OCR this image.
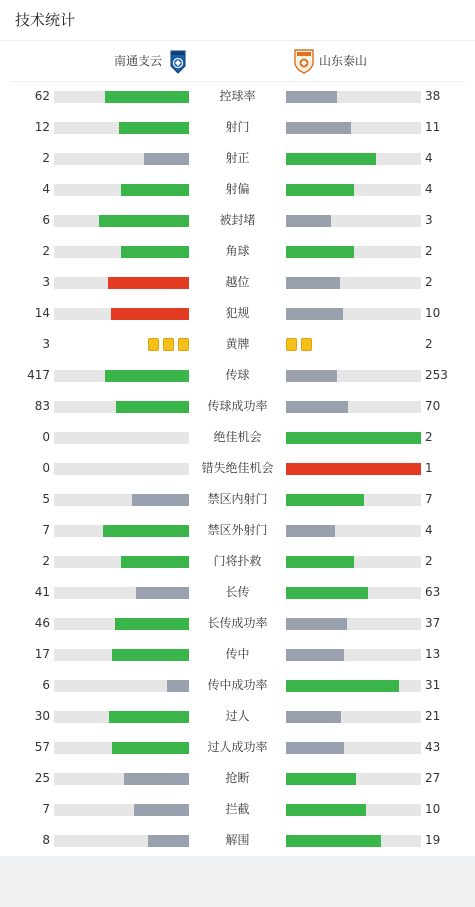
技术统计
南通支云	山东泰山
62	控球率	38
12	射门	11
2	射正	4
4	射偏	4
6	被封堵	3
2	角球	2
3	越位	2
14	犯规	10
3	黄牌	2
417	传球	253
83	传球成功率	70
0	绝佳机会	2
0	错失绝佳机会	1
5	禁区内射门	7
7	禁区外射门	4
2	门将扑救	2
41	长传	63
46	长传成功率	37
17	传中	13
6	传中成功率	31
30	过人	21
57	过人成功率	43
25	抢断	27
7	拦截	10
8	解围	19
